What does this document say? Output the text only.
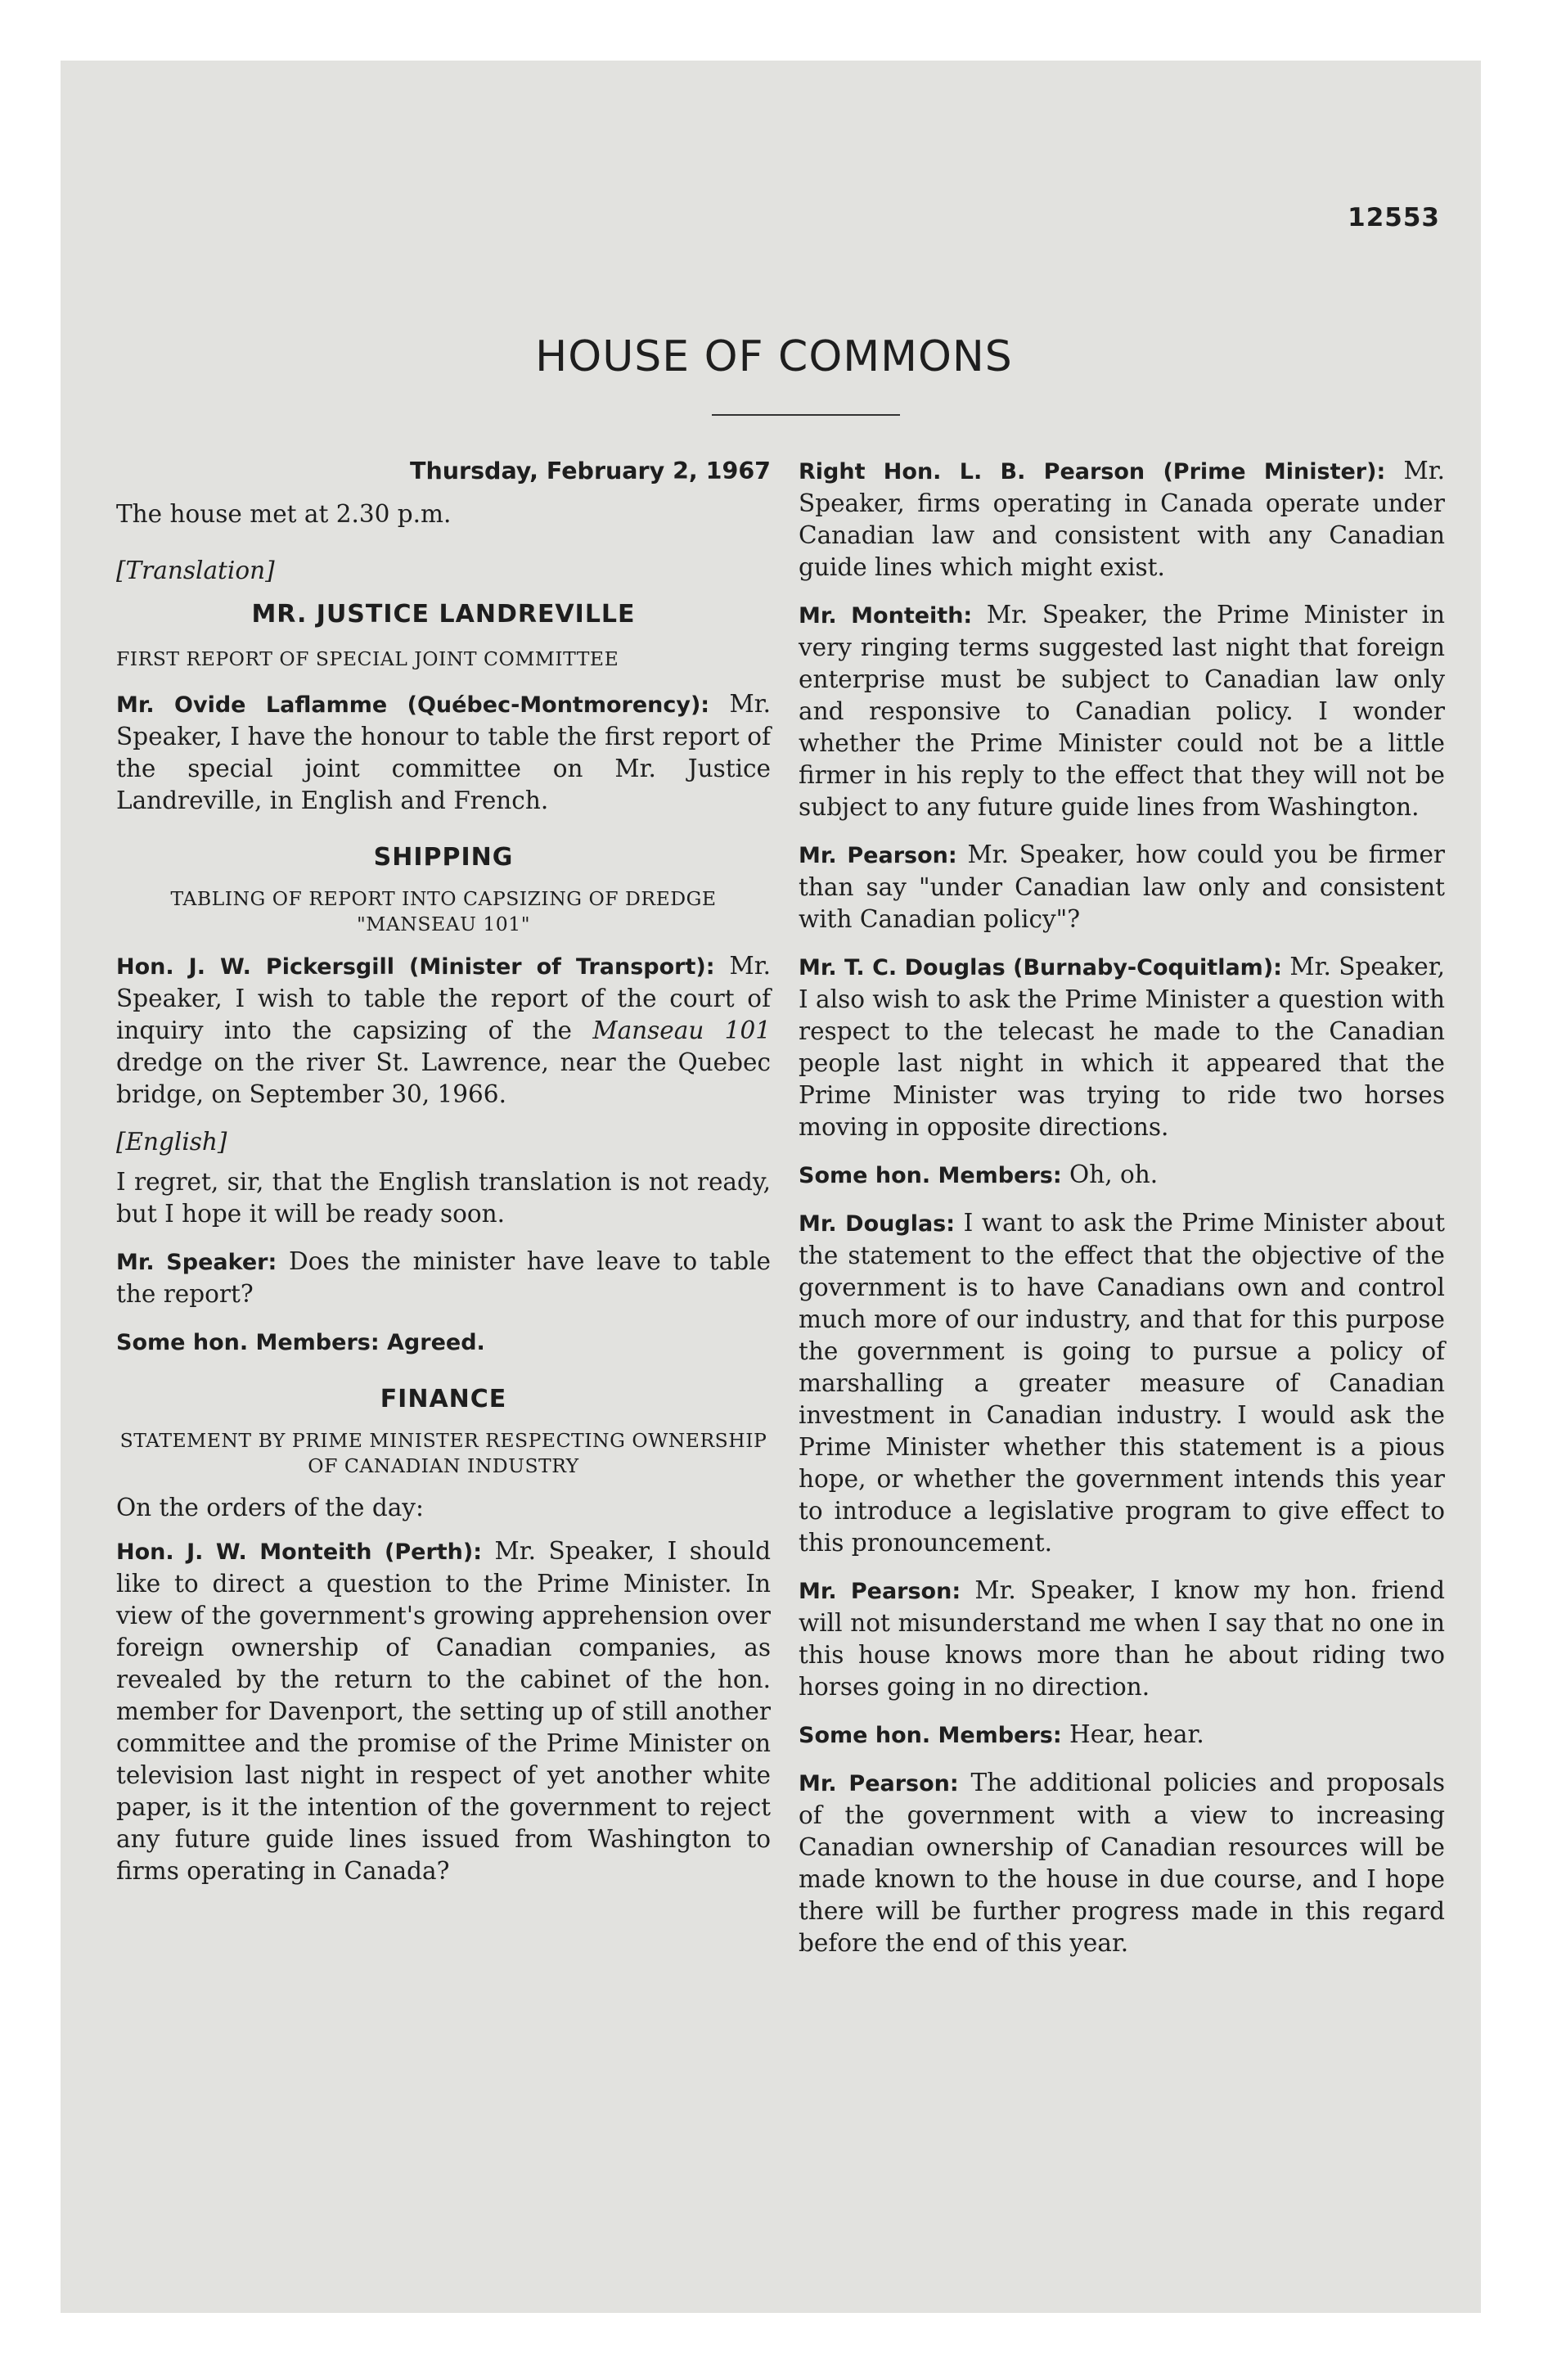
12553
HOUSE OF COMMONS

Thursday, February 2, 1967

The house met at 2.30 p.m.

[Translation]

MR. JUSTICE LANDREVILLE
FIRST REPORT OF SPECIAL JOINT COMMITTEE

Mr. Ovide Laflamme (Québec-Montmorency): Mr. Speaker, I have the honour to table the first report of the special joint committee on Mr. Justice Landreville, in English and French.

SHIPPING
TABLING OF REPORT INTO CAPSIZING OF DREDGE "MANSEAU 101"

Hon. J. W. Pickersgill (Minister of Transport): Mr. Speaker, I wish to table the report of the court of inquiry into the capsizing of the Manseau 101 dredge on the river St. Lawrence, near the Quebec bridge, on September 30, 1966.

[English]

I regret, sir, that the English translation is not ready, but I hope it will be ready soon.

Mr. Speaker: Does the minister have leave to table the report?

Some hon. Members: Agreed.

FINANCE
STATEMENT BY PRIME MINISTER RESPECTING OWNERSHIP OF CANADIAN INDUSTRY

On the orders of the day:

Hon. J. W. Monteith (Perth): Mr. Speaker, I should like to direct a question to the Prime Minister. In view of the government's growing apprehension over foreign ownership of Canadian companies, as revealed by the return to the cabinet of the hon. member for Davenport, the setting up of still another committee and the promise of the Prime Minister on television last night in respect of yet another white paper, is it the intention of the government to reject any future guide lines issued from Washington to firms operating in Canada?

Right Hon. L. B. Pearson (Prime Minister): Mr. Speaker, firms operating in Canada operate under Canadian law and consistent with any Canadian guide lines which might exist.

Mr. Monteith: Mr. Speaker, the Prime Minister in very ringing terms suggested last night that foreign enterprise must be subject to Canadian law only and responsive to Canadian policy. I wonder whether the Prime Minister could not be a little firmer in his reply to the effect that they will not be subject to any future guide lines from Washington.

Mr. Pearson: Mr. Speaker, how could you be firmer than say "under Canadian law only and consistent with Canadian policy"?

Mr. T. C. Douglas (Burnaby-Coquitlam): Mr. Speaker, I also wish to ask the Prime Minister a question with respect to the telecast he made to the Canadian people last night in which it appeared that the Prime Minister was trying to ride two horses moving in opposite directions.

Some hon. Members: Oh, oh.

Mr. Douglas: I want to ask the Prime Minister about the statement to the effect that the objective of the government is to have Canadians own and control much more of our industry, and that for this purpose the government is going to pursue a policy of marshalling a greater measure of Canadian investment in Canadian industry. I would ask the Prime Minister whether this statement is a pious hope, or whether the government intends this year to introduce a legislative program to give effect to this pronouncement.

Mr. Pearson: Mr. Speaker, I know my hon. friend will not misunderstand me when I say that no one in this house knows more than he about riding two horses going in no direction.

Some hon. Members: Hear, hear.

Mr. Pearson: The additional policies and proposals of the government with a view to increasing Canadian ownership of Canadian resources will be made known to the house in due course, and I hope there will be further progress made in this regard before the end of this year.
